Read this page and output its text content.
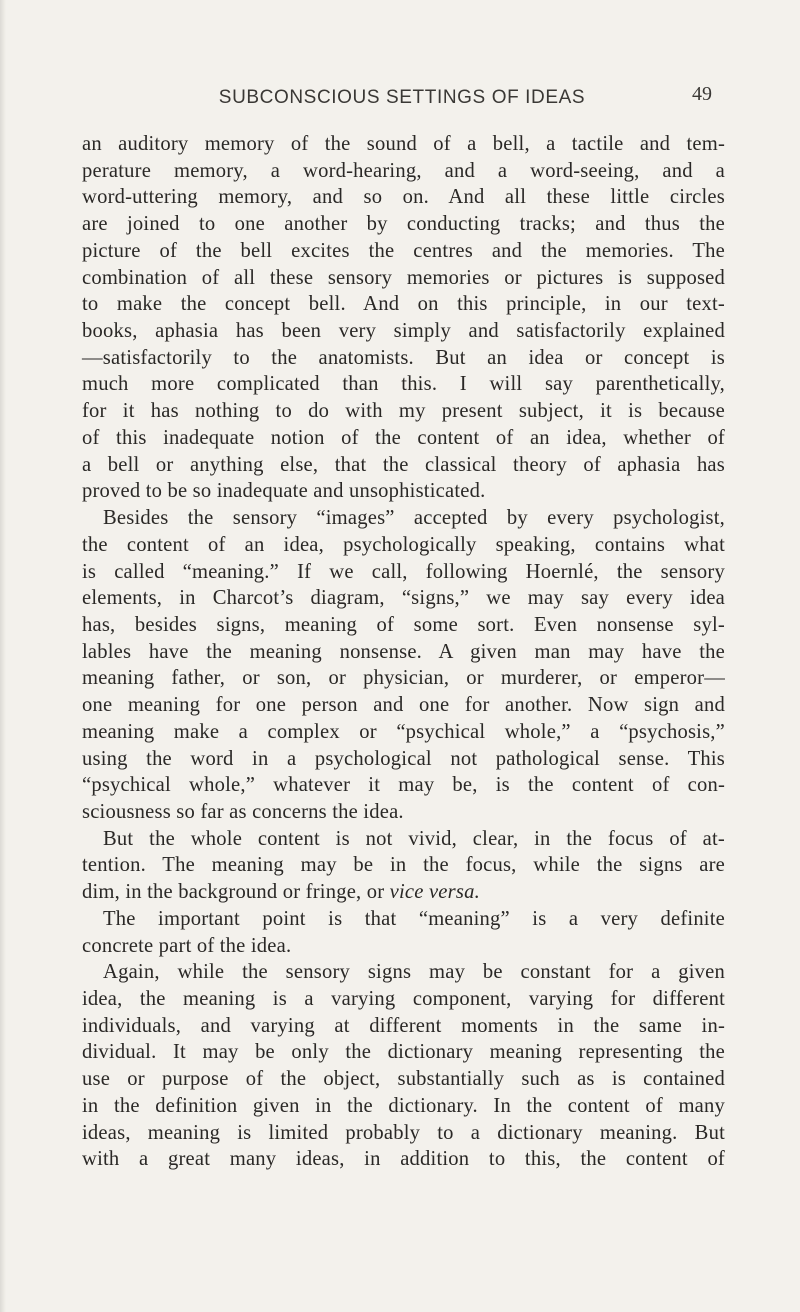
SUBCONSCIOUS SETTINGS OF IDEAS	49
an auditory memory of the sound of a bell, a tactile and tem-
perature memory, a word-hearing, and a word-seeing, and a
word-uttering memory, and so on. And all these little circles
are joined to one another by conducting tracks; and thus the
picture of the bell excites the centres and the memories. The
combination of all these sensory memories or pictures is supposed
to make the concept bell. And on this principle, in our text-
books, aphasia has been very simply and satisfactorily explained
—satisfactorily to the anatomists. But an idea or concept is
much more complicated than this. I will say parenthetically,
for it has nothing to do with my present subject, it is because
of this inadequate notion of the content of an idea, whether of
a bell or anything else, that the classical theory of aphasia has
proved to be so inadequate and unsophisticated.
Besides the sensory “images” accepted by every psychologist,
the content of an idea, psychologically speaking, contains what
is called “meaning.” If we call, following Hoernlé, the sensory
elements, in Charcot’s diagram, “signs,” we may say every idea
has, besides signs, meaning of some sort. Even nonsense syl-
lables have the meaning nonsense. A given man may have the
meaning father, or son, or physician, or murderer, or emperor—
one meaning for one person and one for another. Now sign and
meaning make a complex or “psychical whole,” a “psychosis,”
using the word in a psychological not pathological sense. This
“psychical whole,” whatever it may be, is the content of con-
sciousness so far as concerns the idea.
But the whole content is not vivid, clear, in the focus of at-
tention. The meaning may be in the focus, while the signs are
dim, in the background or fringe, or vice versa.
The important point is that “meaning” is a very definite
concrete part of the idea.
Again, while the sensory signs may be constant for a given
idea, the meaning is a varying component, varying for different
individuals, and varying at different moments in the same in-
dividual. It may be only the dictionary meaning representing the
use or purpose of the object, substantially such as is contained
in the definition given in the dictionary. In the content of many
ideas, meaning is limited probably to a dictionary meaning. But
with a great many ideas, in addition to this, the content of
